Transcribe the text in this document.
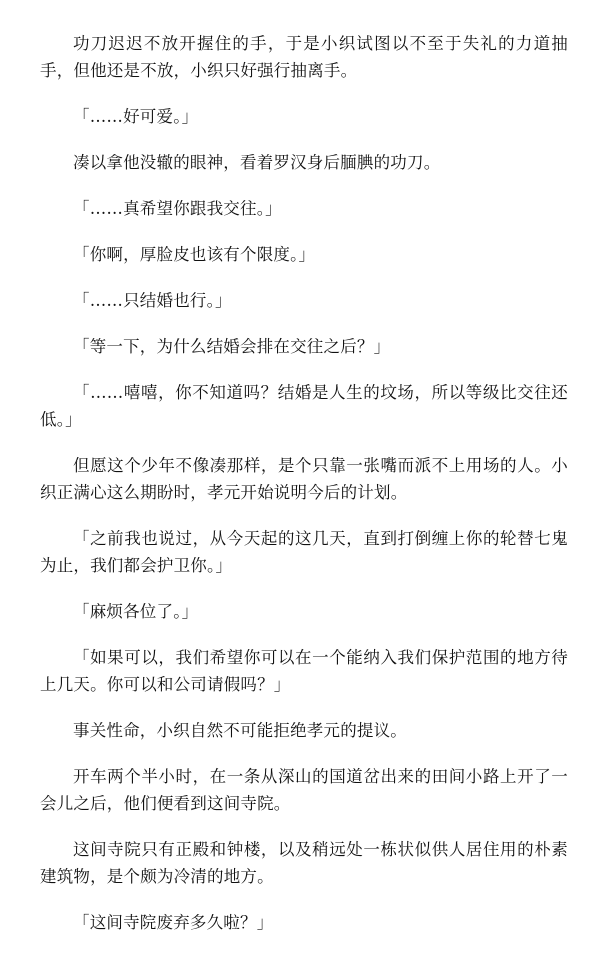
功刀迟迟不放开握住的手，于是小织试图以不至于失礼的力道抽手，但他还是不放，小织只好强行抽离手。

「……好可爱。」

凑以拿他没辙的眼神，看着罗汉身后腼腆的功刀。

「……真希望你跟我交往。」

「你啊，厚脸皮也该有个限度。」

「……只结婚也行。」

「等一下，为什么结婚会排在交往之后？」

「……嘻嘻，你不知道吗？结婚是人生的坟场，所以等级比交往还低。」

但愿这个少年不像凑那样，是个只靠一张嘴而派不上用场的人。小织正满心这么期盼时，孝元开始说明今后的计划。

「之前我也说过，从今天起的这几天，直到打倒缠上你的轮替七鬼为止，我们都会护卫你。」

「麻烦各位了。」

「如果可以，我们希望你可以在一个能纳入我们保护范围的地方待上几天。你可以和公司请假吗？」

事关性命，小织自然不可能拒绝孝元的提议。

开车两个半小时，在一条从深山的国道岔出来的田间小路上开了一会儿之后，他们便看到这间寺院。

这间寺院只有正殿和钟楼，以及稍远处一栋状似供人居住用的朴素建筑物，是个颇为冷清的地方。

「这间寺院废弃多久啦？」
